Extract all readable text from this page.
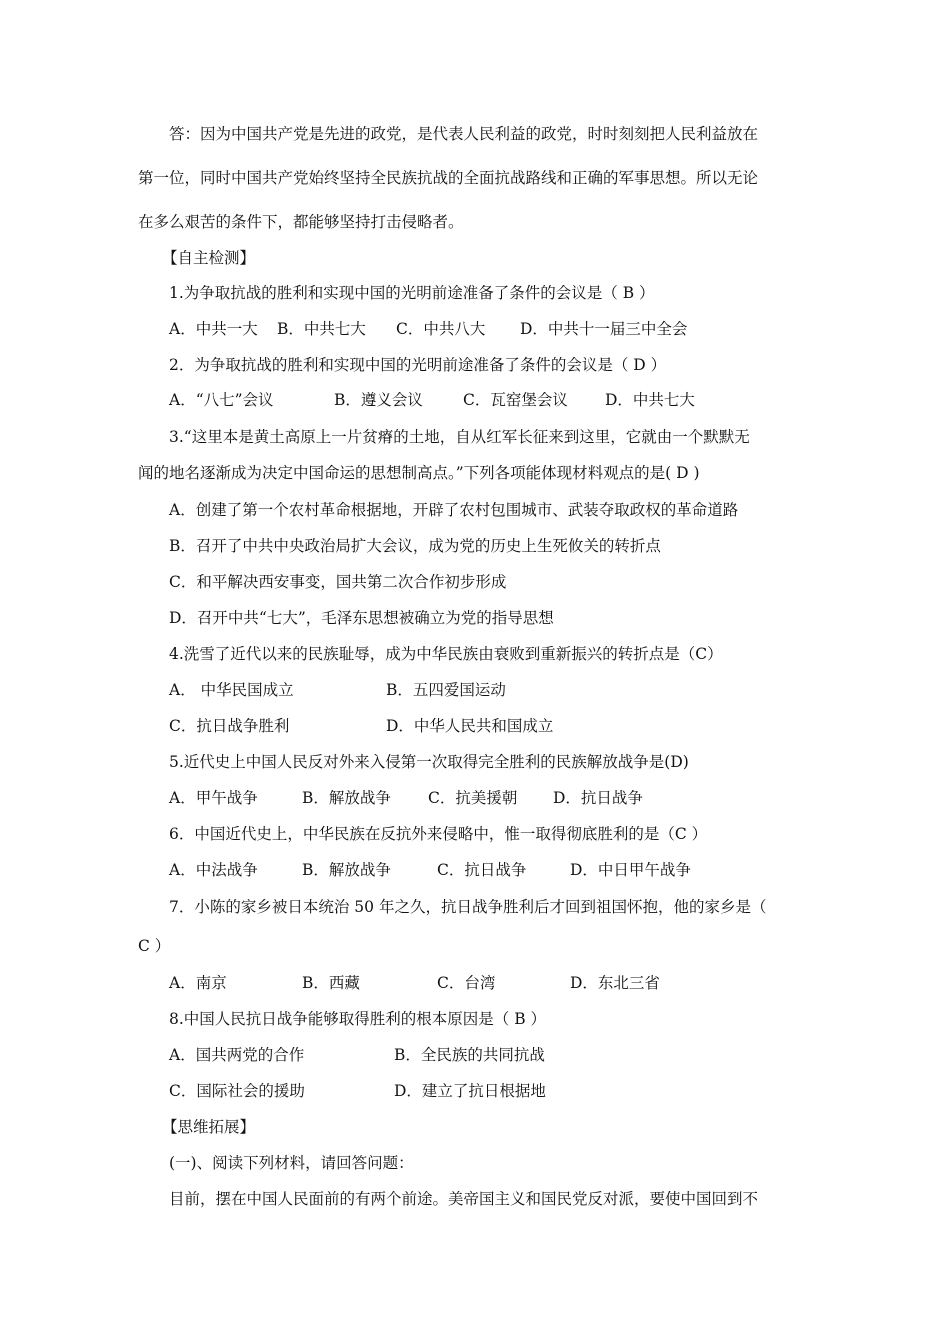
答：因为中国共产党是先进的政党，是代表人民利益的政党，时时刻刻把人民利益放在
第一位，同时中国共产党始终坚持全民族抗战的全面抗战路线和正确的军事思想。所以无论
在多么艰苦的条件下，都能够坚持打击侵略者。
【自主检测】
1.为争取抗战的胜利和实现中国的光明前途准备了条件的会议是（ B ）
A．中共一大 B．中共七大 C．中共八大 D．中共十一届三中全会
2．为争取抗战的胜利和实现中国的光明前途准备了条件的会议是（ D ）
A．“八七”会议	B．遵义会议	C．瓦窑堡会议 D．中共七大
3.“这里本是黄土高原上一片贫瘠的土地，自从红军长征来到这里，它就由一个默默无
闻的地名逐渐成为决定中国命运的思想制高点。”下列各项能体现材料观点的是( D )
A．创建了第一个农村革命根据地，开辟了农村包围城市、武装夺取政权的革命道路
B．召开了中共中央政治局扩大会议，成为党的历史上生死攸关的转折点
C．和平解决西安事变，国共第二次合作初步形成
D．召开中共“七大”，毛泽东思想被确立为党的指导思想
4.洗雪了近代以来的民族耻辱，成为中华民族由衰败到重新振兴的转折点是（C）
A． 中华民国成立	B．五四爱国运动
C．抗日战争胜利	D．中华人民共和国成立
5.近代史上中国人民反对外来入侵第一次取得完全胜利的民族解放战争是(D)
A．甲午战争	B．解放战争 C．抗美援朝 D．抗日战争
6．中国近代史上，中华民族在反抗外来侵略中，惟一取得彻底胜利的是（C ）
A．中法战争	B．解放战争	C．抗日战争	D．中日甲午战争
7．小陈的家乡被日本统治 50 年之久，抗日战争胜利后才回到祖国怀抱，他的家乡是（
C ）
A．南京	B．西藏	C．台湾	D．东北三省
8.中国人民抗日战争能够取得胜利的根本原因是（ B ）
A．国共两党的合作	B．全民族的共同抗战
C．国际社会的援助	D．建立了抗日根据地
【思维拓展】
(一)、阅读下列材料，请回答问题：
目前，摆在中国人民面前的有两个前途。美帝国主义和国民党反对派，要使中国回到不
